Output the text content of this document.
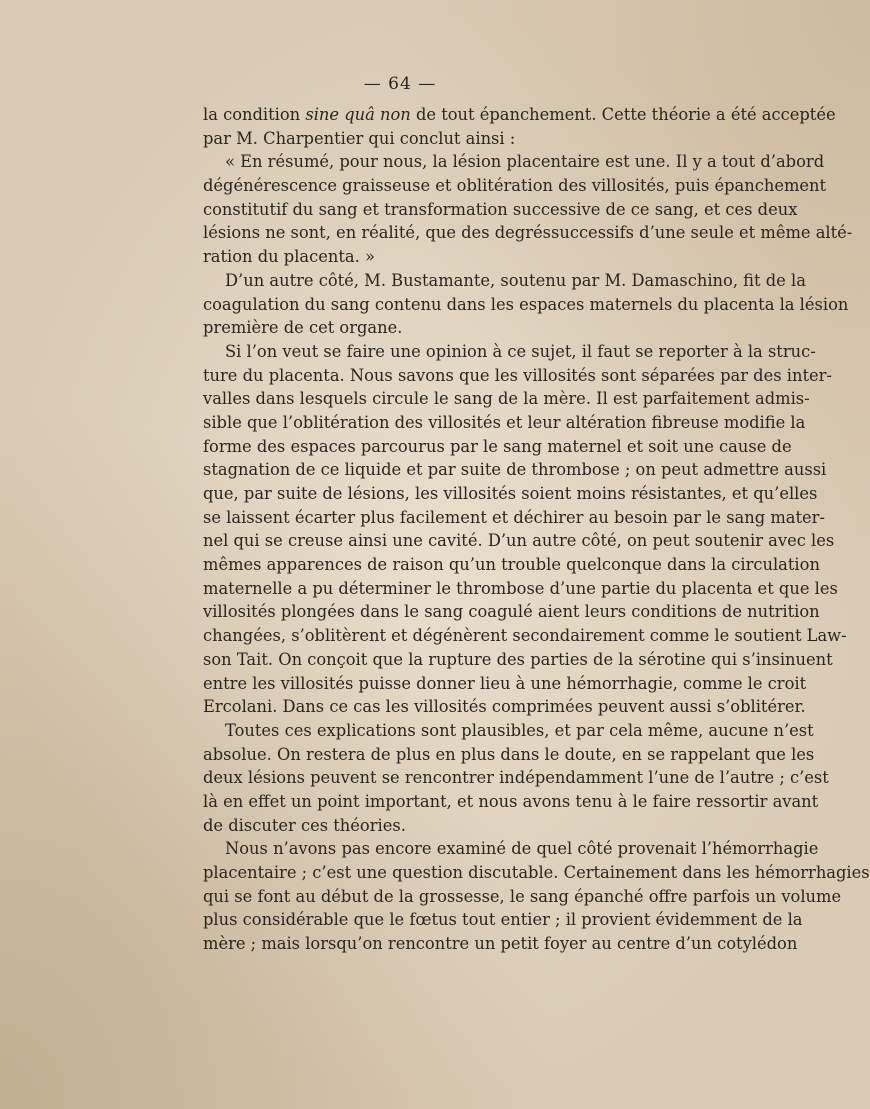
— 64 —
la condition sine quâ non de tout épanchement. Cette théorie a été acceptée
par M. Charpentier qui conclut ainsi :
« En résumé, pour nous, la lésion placentaire est une. Il y a tout d’abord
dégénérescence graisseuse et oblitération des villosités, puis épanchement
constitutif du sang et transformation successive de ce sang, et ces deux
lésions ne sont, en réalité, que des degréssuccessifs d’une seule et même alté-
ration du placenta. »
D’un autre côté, M. Bustamante, soutenu par M. Damaschino, fit de la
coagulation du sang contenu dans les espaces maternels du placenta la lésion
première de cet organe.
Si l’on veut se faire une opinion à ce sujet, il faut se reporter à la struc-
ture du placenta. Nous savons que les villosités sont séparées par des inter-
valles dans lesquels circule le sang de la mère. Il est parfaitement admis-
sible que l’oblitération des villosités et leur altération fibreuse modifie la
forme des espaces parcourus par le sang maternel et soit une cause de
stagnation de ce liquide et par suite de thrombose ; on peut admettre aussi
que, par suite de lésions, les villosités soient moins résistantes, et qu’elles
se laissent écarter plus facilement et déchirer au besoin par le sang mater-
nel qui se creuse ainsi une cavité. D’un autre côté, on peut soutenir avec les
mêmes apparences de raison qu’un trouble quelconque dans la circulation
maternelle a pu déterminer le thrombose d’une partie du placenta et que les
villosités plongées dans le sang coagulé aient leurs conditions de nutrition
changées, s’oblitèrent et dégénèrent secondairement comme le soutient Law-
son Tait. On conçoit que la rupture des parties de la sérotine qui s’insinuent
entre les villosités puisse donner lieu à une hémorrhagie, comme le croit
Ercolani. Dans ce cas les villosités comprimées peuvent aussi s’oblitérer.
Toutes ces explications sont plausibles, et par cela même, aucune n’est
absolue. On restera de plus en plus dans le doute, en se rappelant que les
deux lésions peuvent se rencontrer indépendamment l’une de l’autre ; c’est
là en effet un point important, et nous avons tenu à le faire ressortir avant
de discuter ces théories.
Nous n’avons pas encore examiné de quel côté provenait l’hémorrhagie
placentaire ; c’est une question discutable. Certainement dans les hémorrhagies
qui se font au début de la grossesse, le sang épanché offre parfois un volume
plus considérable que le fœtus tout entier ; il provient évidemment de la
mère ; mais lorsqu’on rencontre un petit foyer au centre d’un cotylédon
